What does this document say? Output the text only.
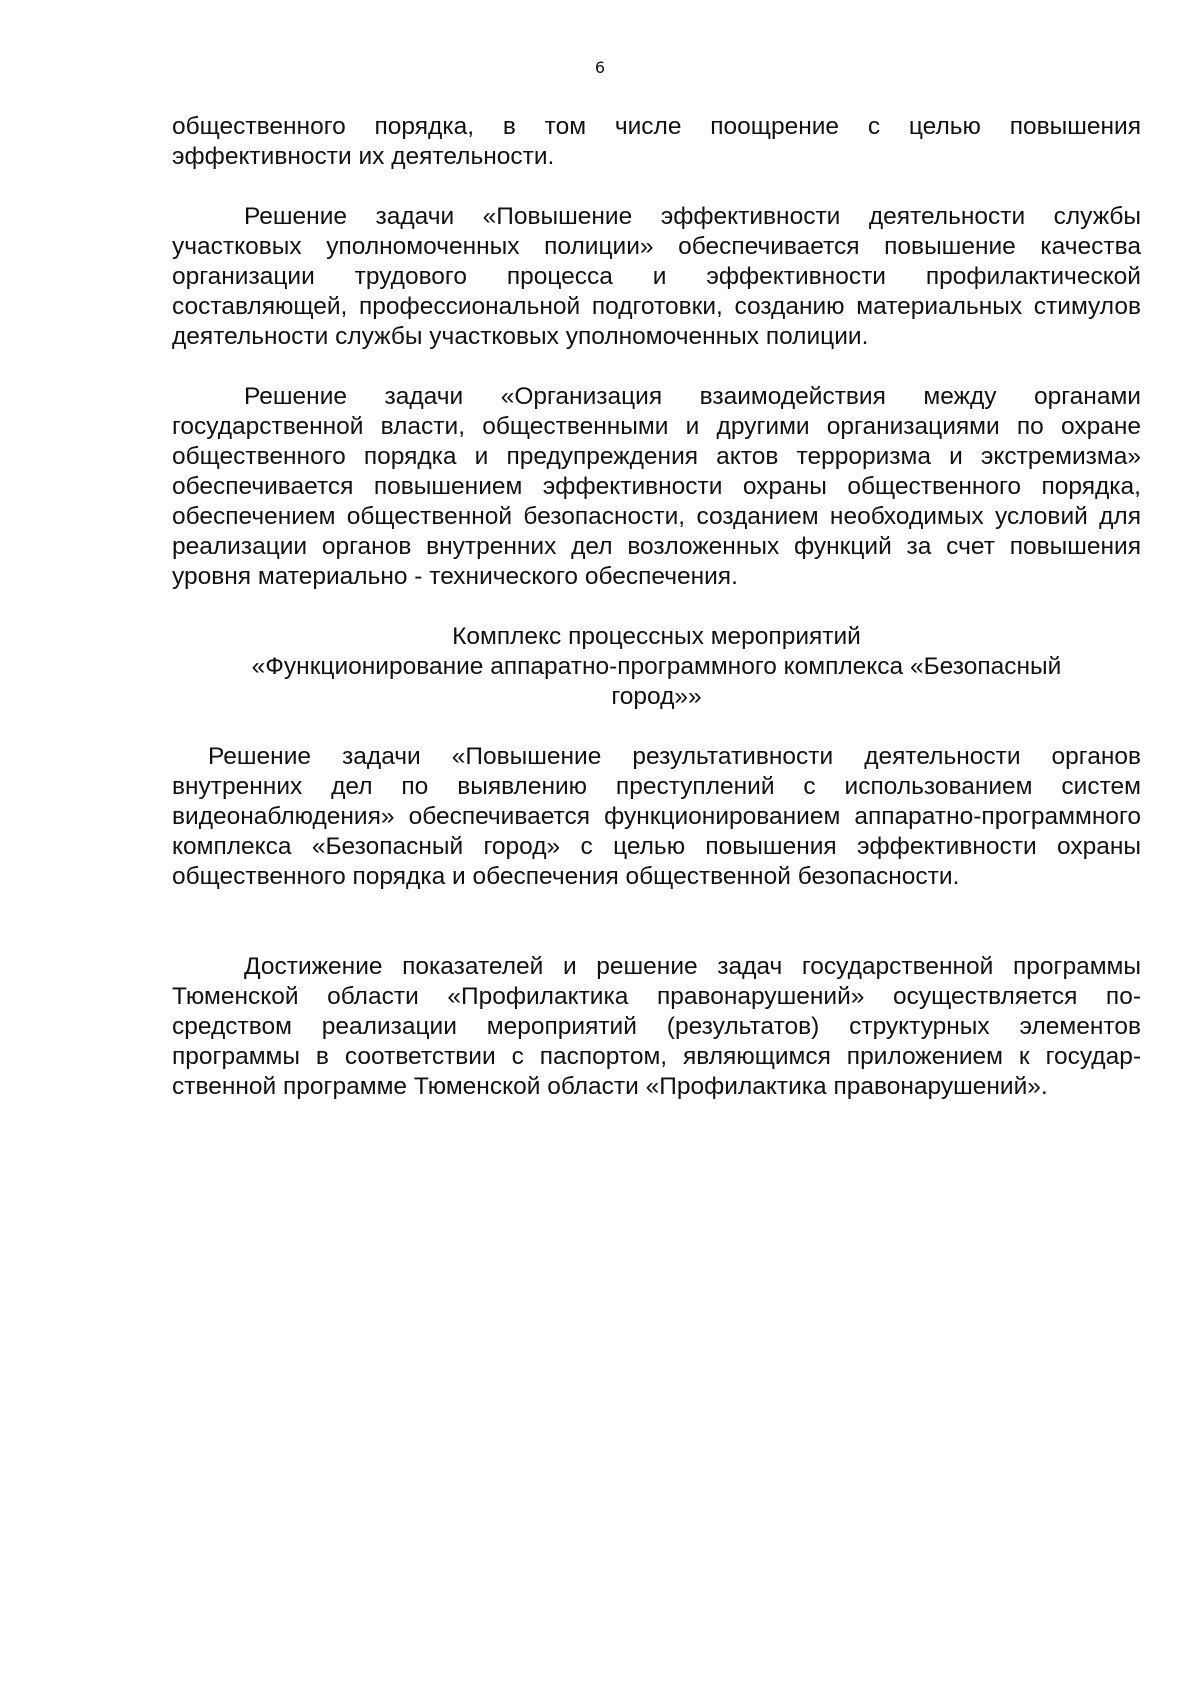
6
общественного порядка, в том числе поощрение с целью повышения эффективности их деятельности.
Решение задачи «Повышение эффективности деятельности службы участковых уполномоченных полиции» обеспечивается повышение качества организации трудового процесса и эффективности профилактической составляющей, профессиональной подготовки, созданию материальных стимулов деятельности службы участковых уполномоченных полиции.
Решение задачи «Организация взаимодействия между органами государственной власти, общественными и другими организациями по охране общественного порядка и предупреждения актов терроризма и экстремизма» обеспечивается повышением эффективности охраны общественного порядка, обеспечением общественной безопасности, созданием необходимых условий для реализации органов внутренних дел возложенных функций за счет повышения уровня материально - технического обеспечения.
Комплекс процессных мероприятий
«Функционирование аппаратно-программного комплекса «Безопасный
город»»
Решение задачи «Повышение результативности деятельности органов внутренних дел по выявлению преступлений с использованием систем видеонаблюдения» обеспечивается функционированием аппаратно-программного комплекса «Безопасный город» с целью повышения эффективности охраны общественного порядка и обеспечения общественной безопасности.
Достижение показателей и решение задач государственной программы Тюменской области «Профилактика правонарушений» осуществляется по-средством реализации мероприятий (результатов) структурных элементов программы в соответствии с паспортом, являющимся приложением к государ-ственной программе Тюменской области «Профилактика правонарушений».
